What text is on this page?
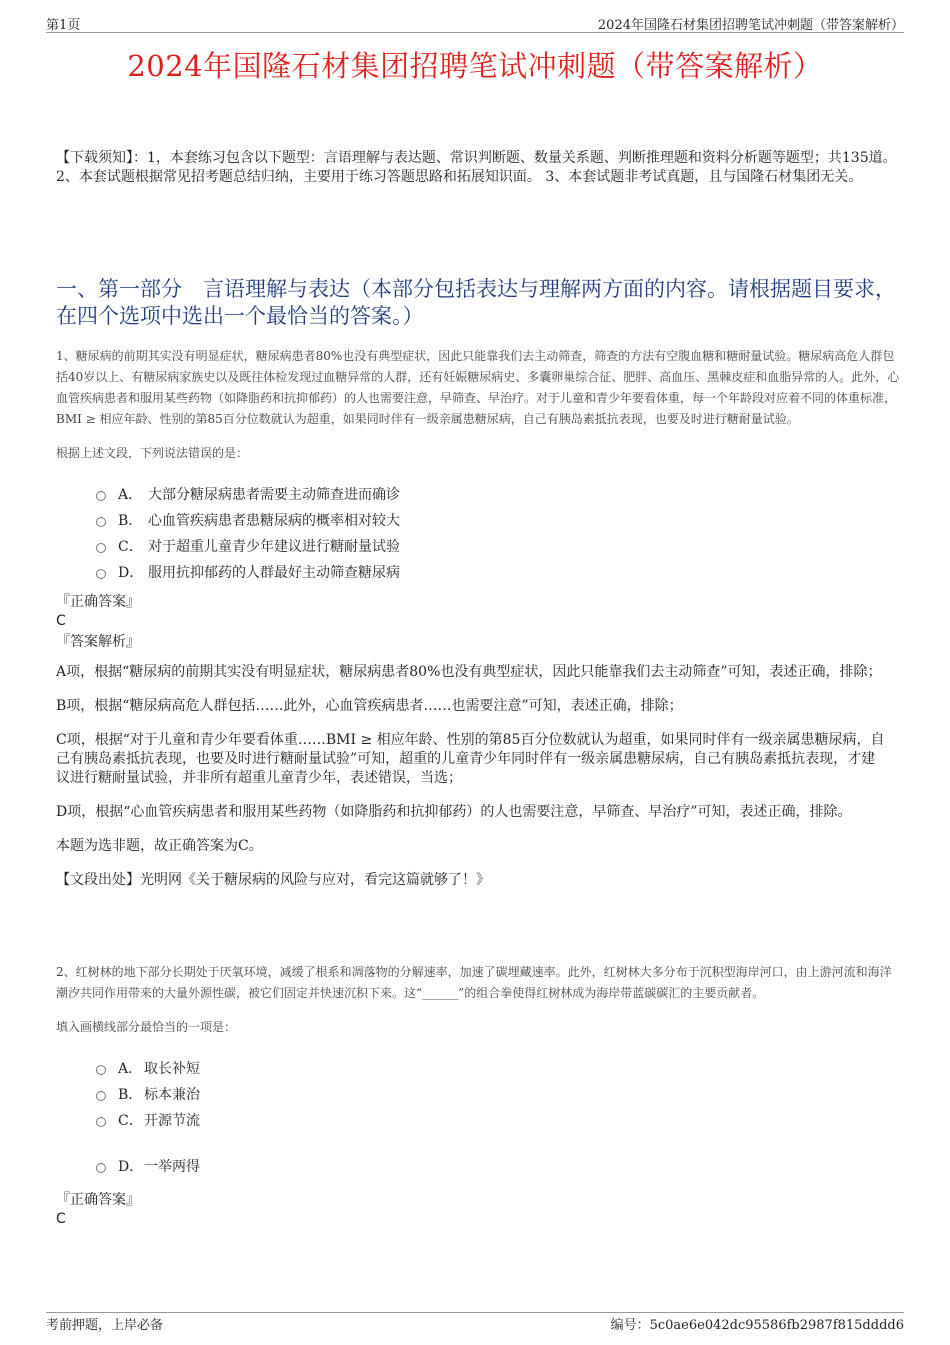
第1页	2024年国隆石材集团招聘笔试冲刺题（带答案解析）
2024年国隆石材集团招聘笔试冲刺题（带答案解析）
【下载须知】：1，本套练习包含以下题型：言语理解与表达题、常识判断题、数量关系题、判断推理题和资料分析题等题型；共135道。 2、本套试题根据常见招考题总结归纳，主要用于练习答题思路和拓展知识面。 3、本套试题非考试真题，且与国隆石材集团无关。
一、第一部分　言语理解与表达（本部分包括表达与理解两方面的内容。请根据题目要求，在四个选项中选出一个最恰当的答案。）
1、糖尿病的前期其实没有明显症状，糖尿病患者80%也没有典型症状，因此只能靠我们去主动筛查，筛查的方法有空腹血糖和糖耐量试验。糖尿病高危人群包括40岁以上、有糖尿病家族史以及既往体检发现过血糖异常的人群，还有妊娠糖尿病史、多囊卵巢综合征、肥胖、高血压、黑棘皮症和血脂异常的人。此外，心血管疾病患者和服用某些药物（如降脂药和抗抑郁药）的人也需要注意，早筛查、早治疗。对于儿童和青少年要看体重，每一个年龄段对应着不同的体重标准，BMI ≥ 相应年龄、性别的第85百分位数就认为超重，如果同时伴有一级亲属患糖尿病，自己有胰岛素抵抗表现，也要及时进行糖耐量试验。
根据上述文段，下列说法错误的是：
A． 大部分糖尿病患者需要主动筛查进而确诊
B． 心血管疾病患者患糖尿病的概率相对较大
C． 对于超重儿童青少年建议进行糖耐量试验
D． 服用抗抑郁药的人群最好主动筛查糖尿病
『正确答案』
C
『答案解析』
A项，根据“糖尿病的前期其实没有明显症状，糖尿病患者80%也没有典型症状，因此只能靠我们去主动筛查”可知，表述正确，排除；
B项，根据“糖尿病高危人群包括……此外，心血管疾病患者……也需要注意”可知，表述正确，排除；
C项，根据“对于儿童和青少年要看体重……BMI ≥ 相应年龄、性别的第85百分位数就认为超重，如果同时伴有一级亲属患糖尿病，自己有胰岛素抵抗表现，也要及时进行糖耐量试验”可知，超重的儿童青少年同时伴有一级亲属患糖尿病，自己有胰岛素抵抗表现，才建议进行糖耐量试验，并非所有超重儿童青少年，表述错误，当选；
D项，根据“心血管疾病患者和服用某些药物（如降脂药和抗抑郁药）的人也需要注意，早筛查、早治疗”可知，表述正确，排除。
本题为选非题，故正确答案为C。
【文段出处】光明网《关于糖尿病的风险与应对，看完这篇就够了！》
2、红树林的地下部分长期处于厌氧环境，减缓了根系和凋落物的分解速率，加速了碳埋藏速率。此外，红树林大多分布于沉积型海岸河口，由上游河流和海洋潮汐共同作用带来的大量外源性碳，被它们固定并快速沉积下来。这“______”的组合拳使得红树林成为海岸带蓝碳碳汇的主要贡献者。
填入画横线部分最恰当的一项是：
A． 取长补短
B． 标本兼治
C． 开源节流
D． 一举两得
『正确答案』
C
考前押题，上岸必备	编号：5c0ae6e042dc95586fb2987f815dddd6
